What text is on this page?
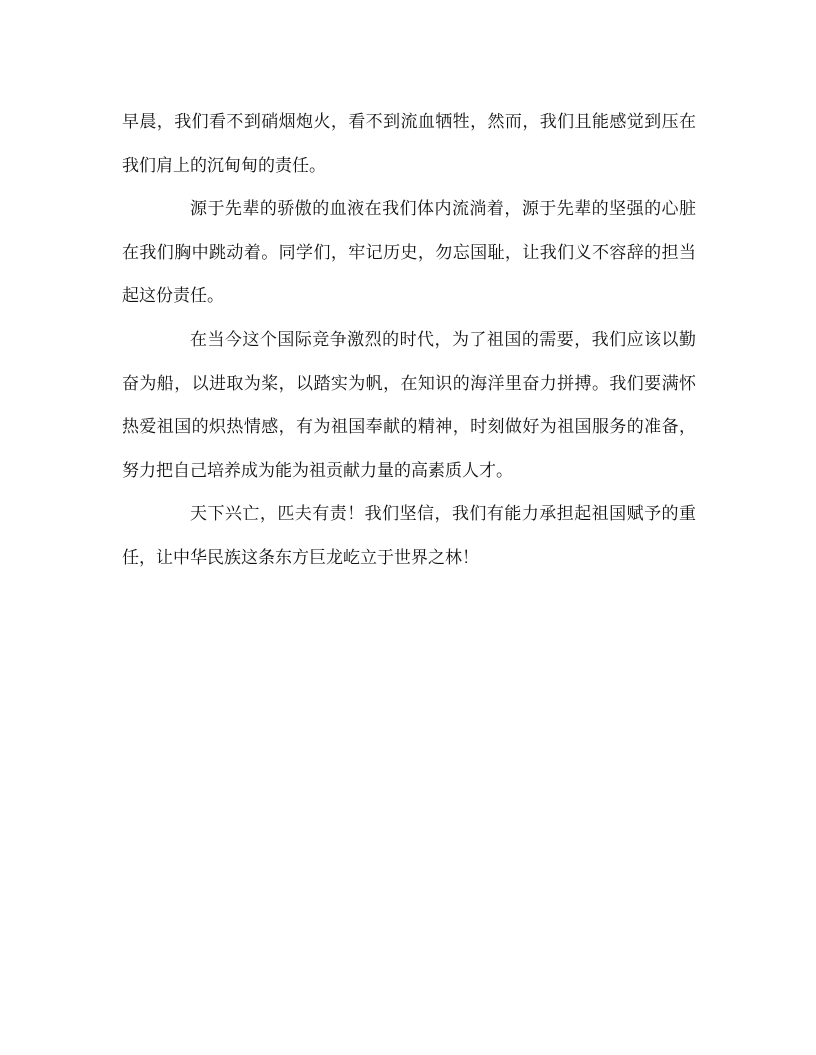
早晨，我们看不到硝烟炮火，看不到流血牺牲，然而，我们且能感觉到压在我们肩上的沉甸甸的责任。

源于先辈的骄傲的血液在我们体内流淌着，源于先辈的坚强的心脏在我们胸中跳动着。同学们，牢记历史，勿忘国耻，让我们义不容辞的担当起这份责任。

在当今这个国际竞争激烈的时代，为了祖国的需要，我们应该以勤奋为船，以进取为桨，以踏实为帆，在知识的海洋里奋力拼搏。我们要满怀热爱祖国的炽热情感，有为祖国奉献的精神，时刻做好为祖国服务的准备，努力把自己培养成为能为祖贡献力量的高素质人才。

天下兴亡，匹夫有责！我们坚信，我们有能力承担起祖国赋予的重任，让中华民族这条东方巨龙屹立于世界之林！
